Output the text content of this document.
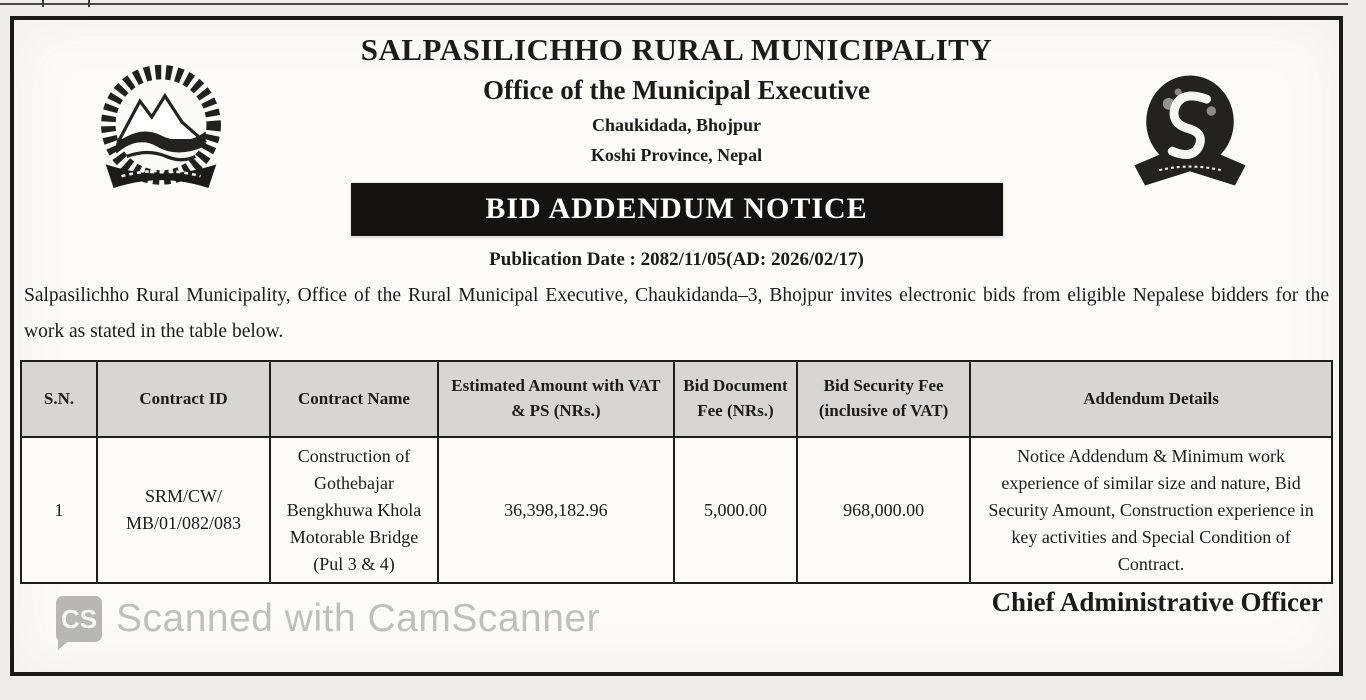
SALPASILICHHO RURAL MUNICIPALITY
Office of the Municipal Executive
Chaukidada, Bhojpur
Koshi Province, Nepal
BID ADDENDUM NOTICE
Publication Date : 2082/11/05(AD: 2026/02/17)

Salpasilichho Rural Municipality, Office of the Rural Municipal Executive, Chaukidanda–3, Bhojpur invites electronic bids from eligible Nepalese bidders for the work as stated in the table below.

S.N.	Contract ID	Contract Name	Estimated Amount with VAT & PS (NRs.)	Bid Document Fee (NRs.)	Bid Security Fee (inclusive of VAT)	Addendum Details
1	SRM/CW/ MB/01/082/083	Construction of Gothebajar Bengkhuwa Khola Motorable Bridge (Pul 3 & 4)	36,398,182.96	5,000.00	968,000.00	Notice Addendum & Minimum work experience of similar size and nature, Bid Security Amount, Construction experience in key activities and Special Condition of Contract.
Chief Administrative Officer
CS Scanned with CamScanner
